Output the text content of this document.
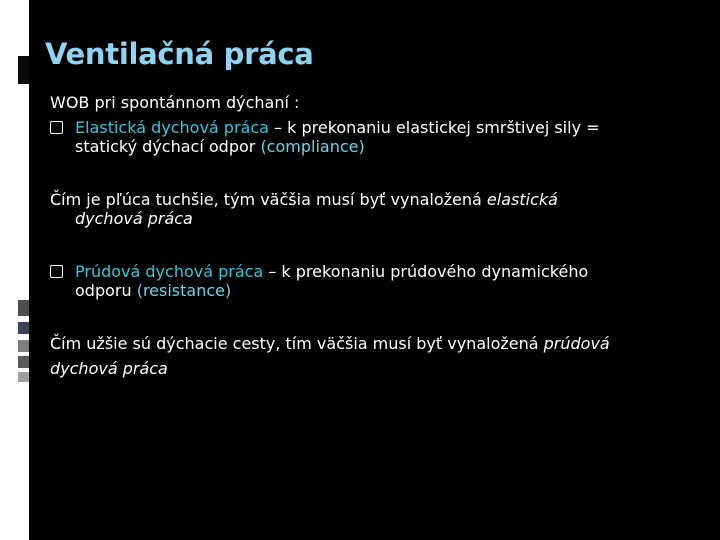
Ventilačná práca
WOB pri spontánnom dýchaní :
Elastická dychová práca – k prekonaniu elastickej smrštivej sily =
statický dýchací odpor (compliance)
Čím je pľúca tuchšie, tým väčšia musí byť vynaložená elastická
dychová práca
Prúdová dychová práca – k prekonaniu prúdového dynamického
odporu (resistance)
Čím užšie sú dýchacie cesty, tím väčšia musí byť vynaložená prúdová
dychová práca
